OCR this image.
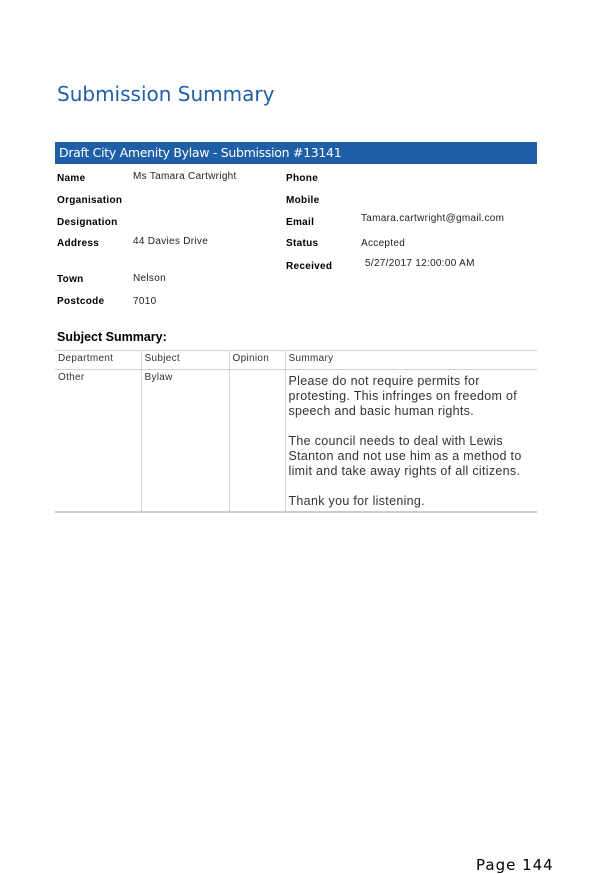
Submission Summary
Draft City Amenity Bylaw - Submission #13141
Name	Ms Tamara Cartwright
Organisation
Designation
Address	44 Davies Drive
Town	Nelson
Postcode	7010
Phone
Mobile
Email	Tamara.cartwright@gmail.com
Status	Accepted
Received	5/27/2017 12:00:00 AM
Subject Summary:
Department	Subject	Opinion	Summary
Other	Bylaw		Please do not require permits for protesting. This infringes on freedom of speech and basic human rights.

The council needs to deal with Lewis Stanton and not use him as a method to limit and take away rights of all citizens.

Thank you for listening.

Page 144
